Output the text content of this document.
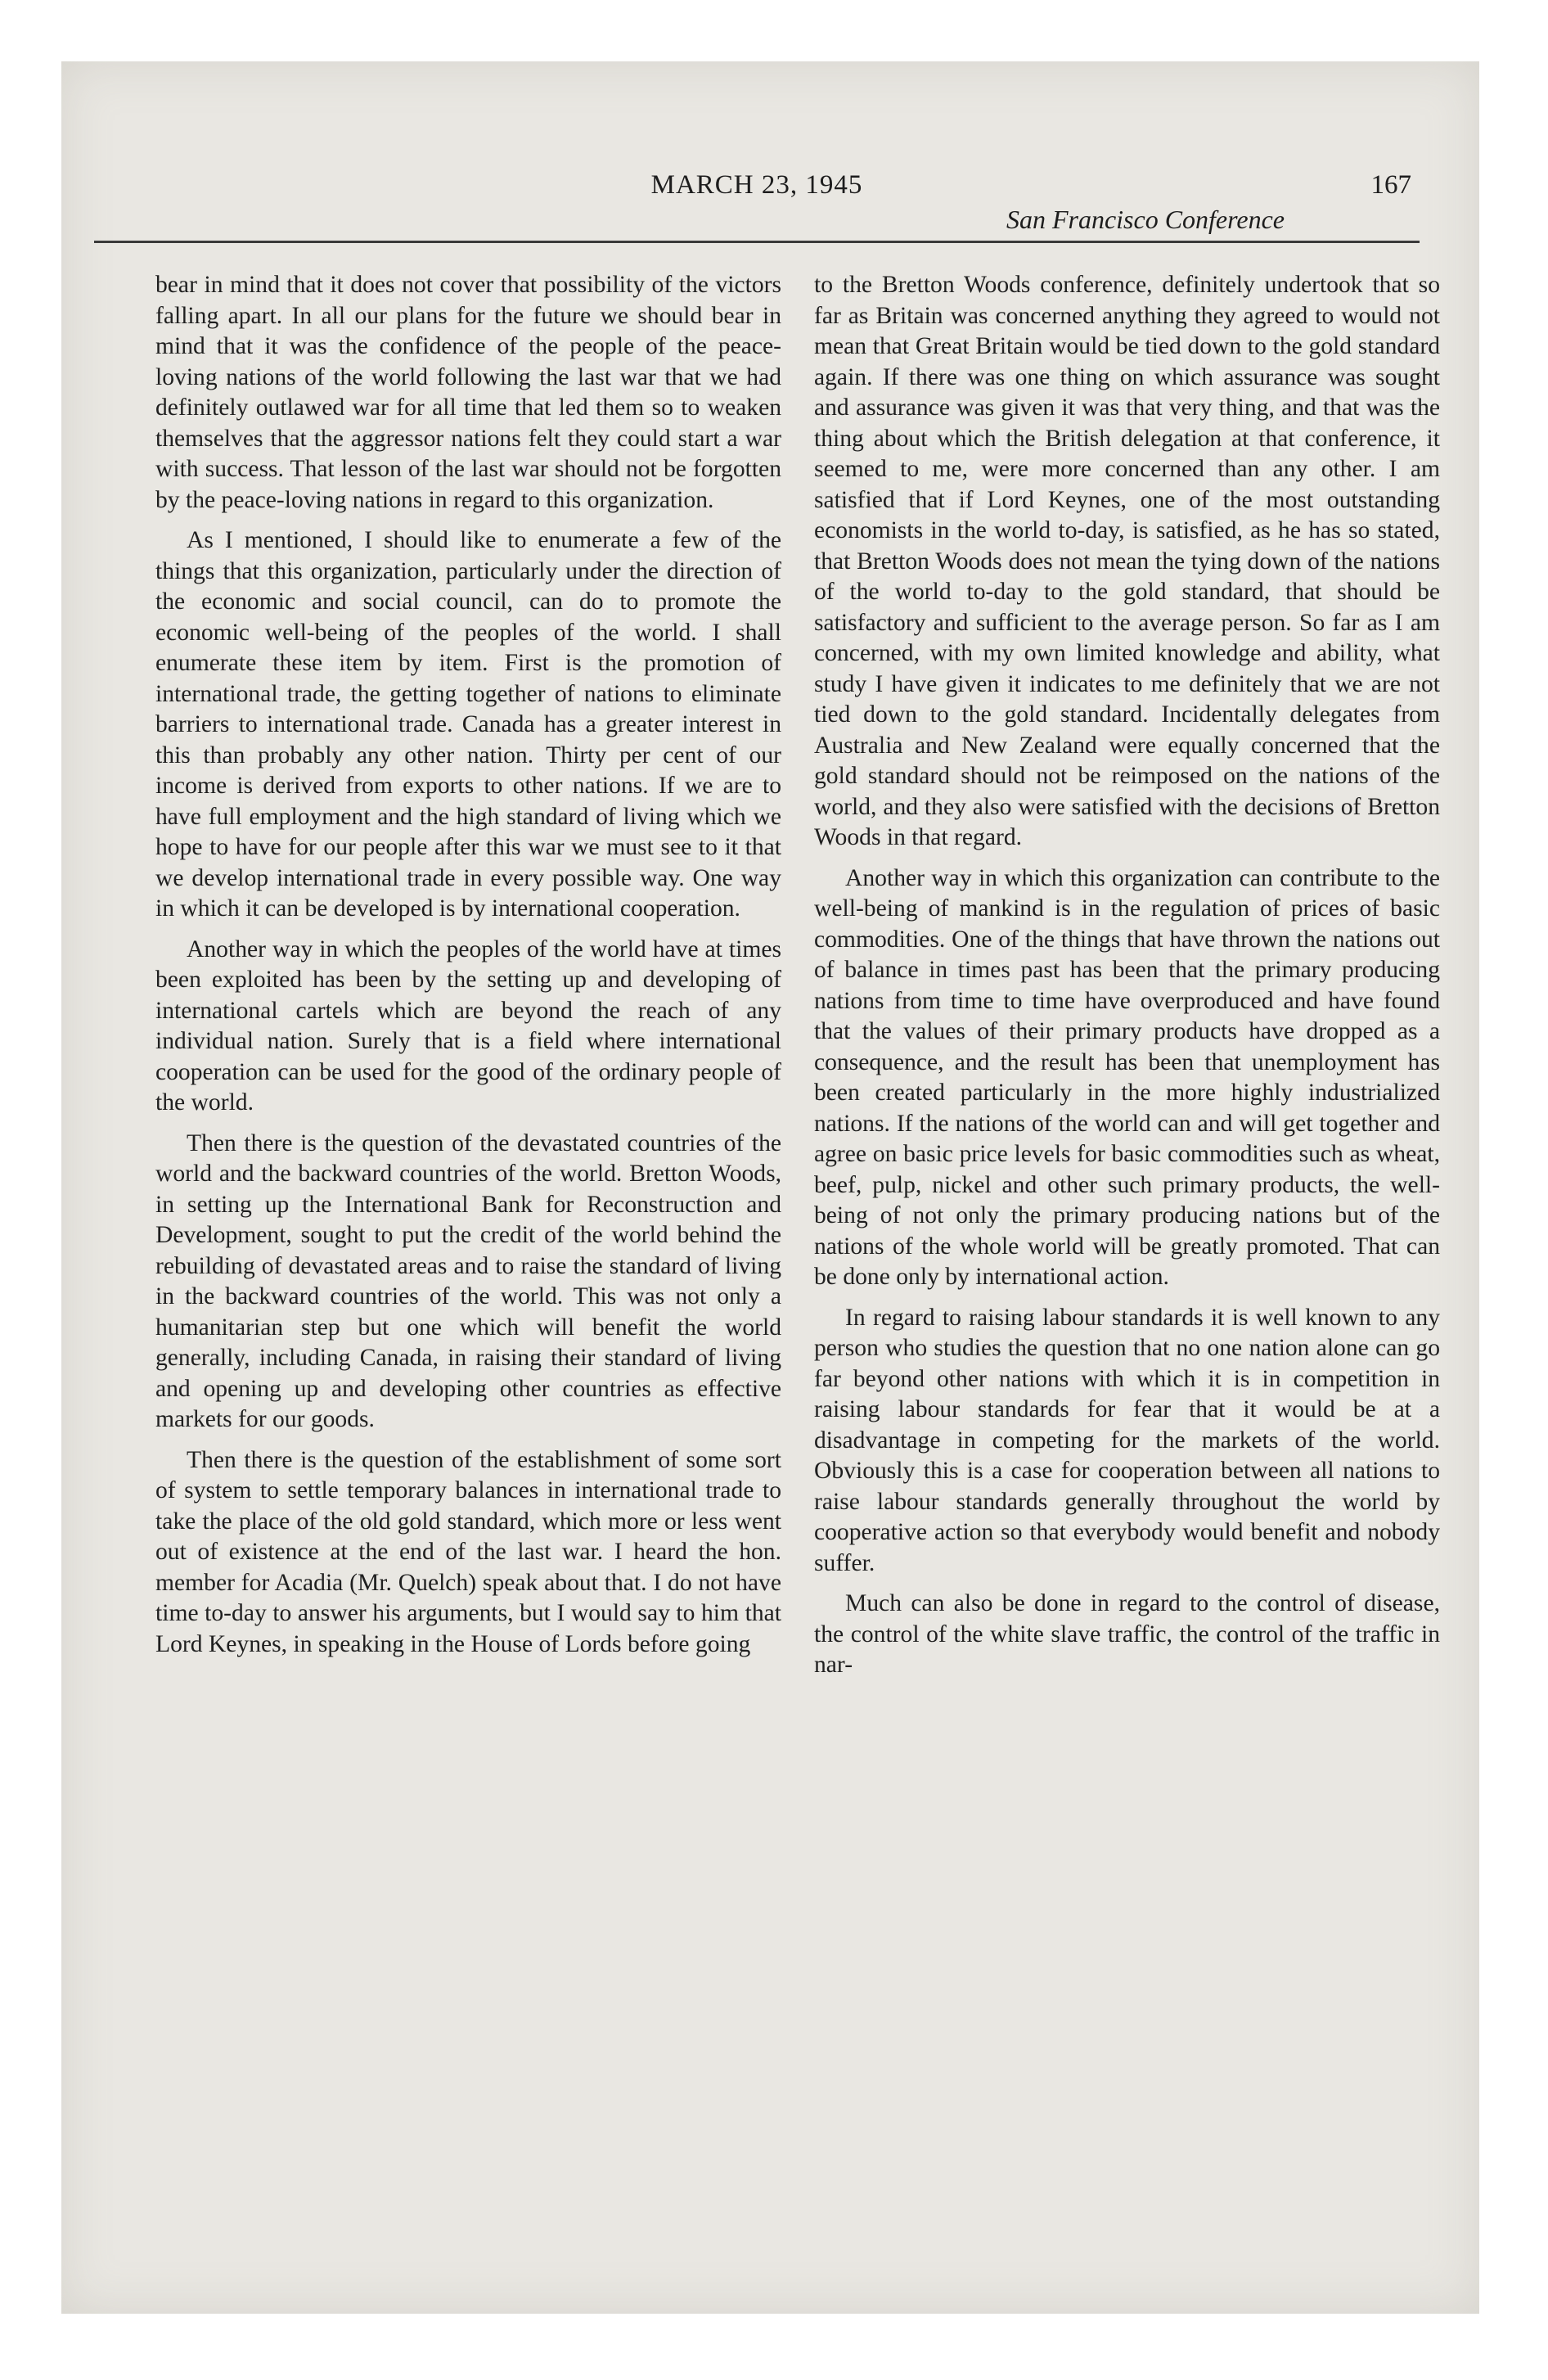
MARCH 23, 1945	167
San Francisco Conference

bear in mind that it does not cover that possibility of the victors falling apart. In all our plans for the future we should bear in mind that it was the confidence of the people of the peace-loving nations of the world following the last war that we had definitely outlawed war for all time that led them so to weaken themselves that the aggressor nations felt they could start a war with success. That lesson of the last war should not be forgotten by the peace-loving nations in regard to this organization.

As I mentioned, I should like to enumerate a few of the things that this organization, particularly under the direction of the economic and social council, can do to promote the economic well-being of the peoples of the world. I shall enumerate these item by item. First is the promotion of international trade, the getting together of nations to eliminate barriers to international trade. Canada has a greater interest in this than probably any other nation. Thirty per cent of our income is derived from exports to other nations. If we are to have full employment and the high standard of living which we hope to have for our people after this war we must see to it that we develop international trade in every possible way. One way in which it can be developed is by international cooperation.

Another way in which the peoples of the world have at times been exploited has been by the setting up and developing of international cartels which are beyond the reach of any individual nation. Surely that is a field where international cooperation can be used for the good of the ordinary people of the world.

Then there is the question of the devastated countries of the world and the backward countries of the world. Bretton Woods, in setting up the International Bank for Reconstruction and Development, sought to put the credit of the world behind the rebuilding of devastated areas and to raise the standard of living in the backward countries of the world. This was not only a humanitarian step but one which will benefit the world generally, including Canada, in raising their standard of living and opening up and developing other countries as effective markets for our goods.

Then there is the question of the establishment of some sort of system to settle temporary balances in international trade to take the place of the old gold standard, which more or less went out of existence at the end of the last war. I heard the hon. member for Acadia (Mr. Quelch) speak about that. I do not have time to-day to answer his arguments, but I would say to him that Lord Keynes, in speaking in the House of Lords before going

to the Bretton Woods conference, definitely undertook that so far as Britain was concerned anything they agreed to would not mean that Great Britain would be tied down to the gold standard again. If there was one thing on which assurance was sought and assurance was given it was that very thing, and that was the thing about which the British delegation at that conference, it seemed to me, were more concerned than any other. I am satisfied that if Lord Keynes, one of the most outstanding economists in the world to-day, is satisfied, as he has so stated, that Bretton Woods does not mean the tying down of the nations of the world to-day to the gold standard, that should be satisfactory and sufficient to the average person. So far as I am concerned, with my own limited knowledge and ability, what study I have given it indicates to me definitely that we are not tied down to the gold standard. Incidentally delegates from Australia and New Zealand were equally concerned that the gold standard should not be reimposed on the nations of the world, and they also were satisfied with the decisions of Bretton Woods in that regard.

Another way in which this organization can contribute to the well-being of mankind is in the regulation of prices of basic commodities. One of the things that have thrown the nations out of balance in times past has been that the primary producing nations from time to time have overproduced and have found that the values of their primary products have dropped as a consequence, and the result has been that unemployment has been created particularly in the more highly industrialized nations. If the nations of the world can and will get together and agree on basic price levels for basic commodities such as wheat, beef, pulp, nickel and other such primary products, the well-being of not only the primary producing nations but of the nations of the whole world will be greatly promoted. That can be done only by international action.

In regard to raising labour standards it is well known to any person who studies the question that no one nation alone can go far beyond other nations with which it is in competition in raising labour standards for fear that it would be at a disadvantage in competing for the markets of the world. Obviously this is a case for cooperation between all nations to raise labour standards generally throughout the world by cooperative action so that everybody would benefit and nobody suffer.

Much can also be done in regard to the control of disease, the control of the white slave traffic, the control of the traffic in nar-
